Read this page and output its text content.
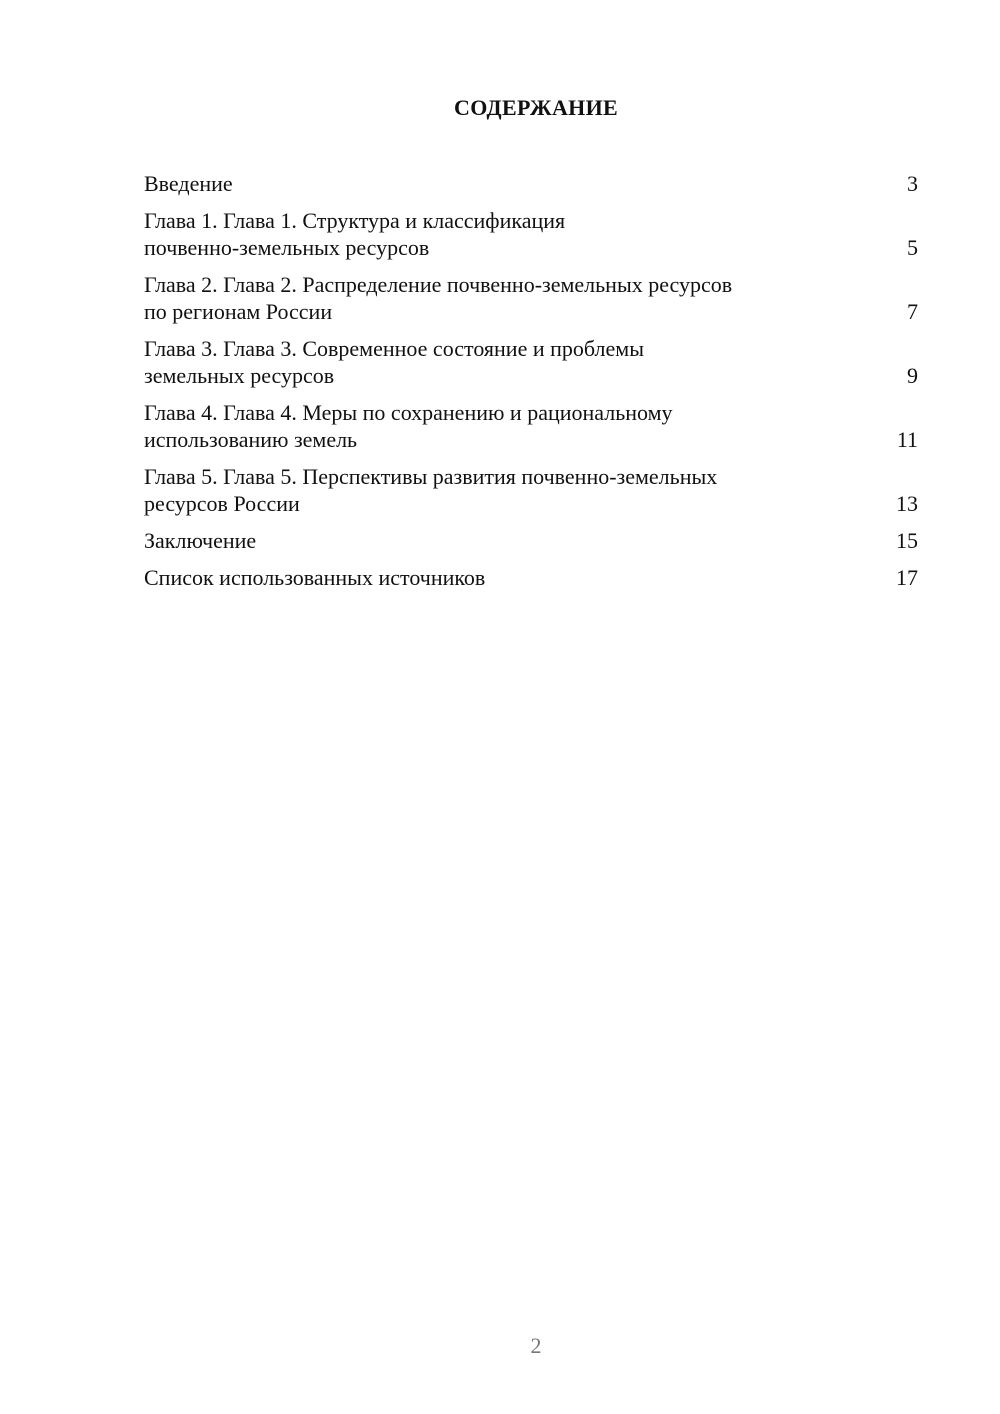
СОДЕРЖАНИЕ
Введение	3
Глава 1. Глава 1. Структура и классификация
почвенно-земельных ресурсов	5
Глава 2. Глава 2. Распределение почвенно-земельных ресурсов
по регионам России	7
Глава 3. Глава 3. Современное состояние и проблемы
земельных ресурсов	9
Глава 4. Глава 4. Меры по сохранению и рациональному
использованию земель	11
Глава 5. Глава 5. Перспективы развития почвенно-земельных
ресурсов России	13
Заключение	15
Список использованных источников	17
2
